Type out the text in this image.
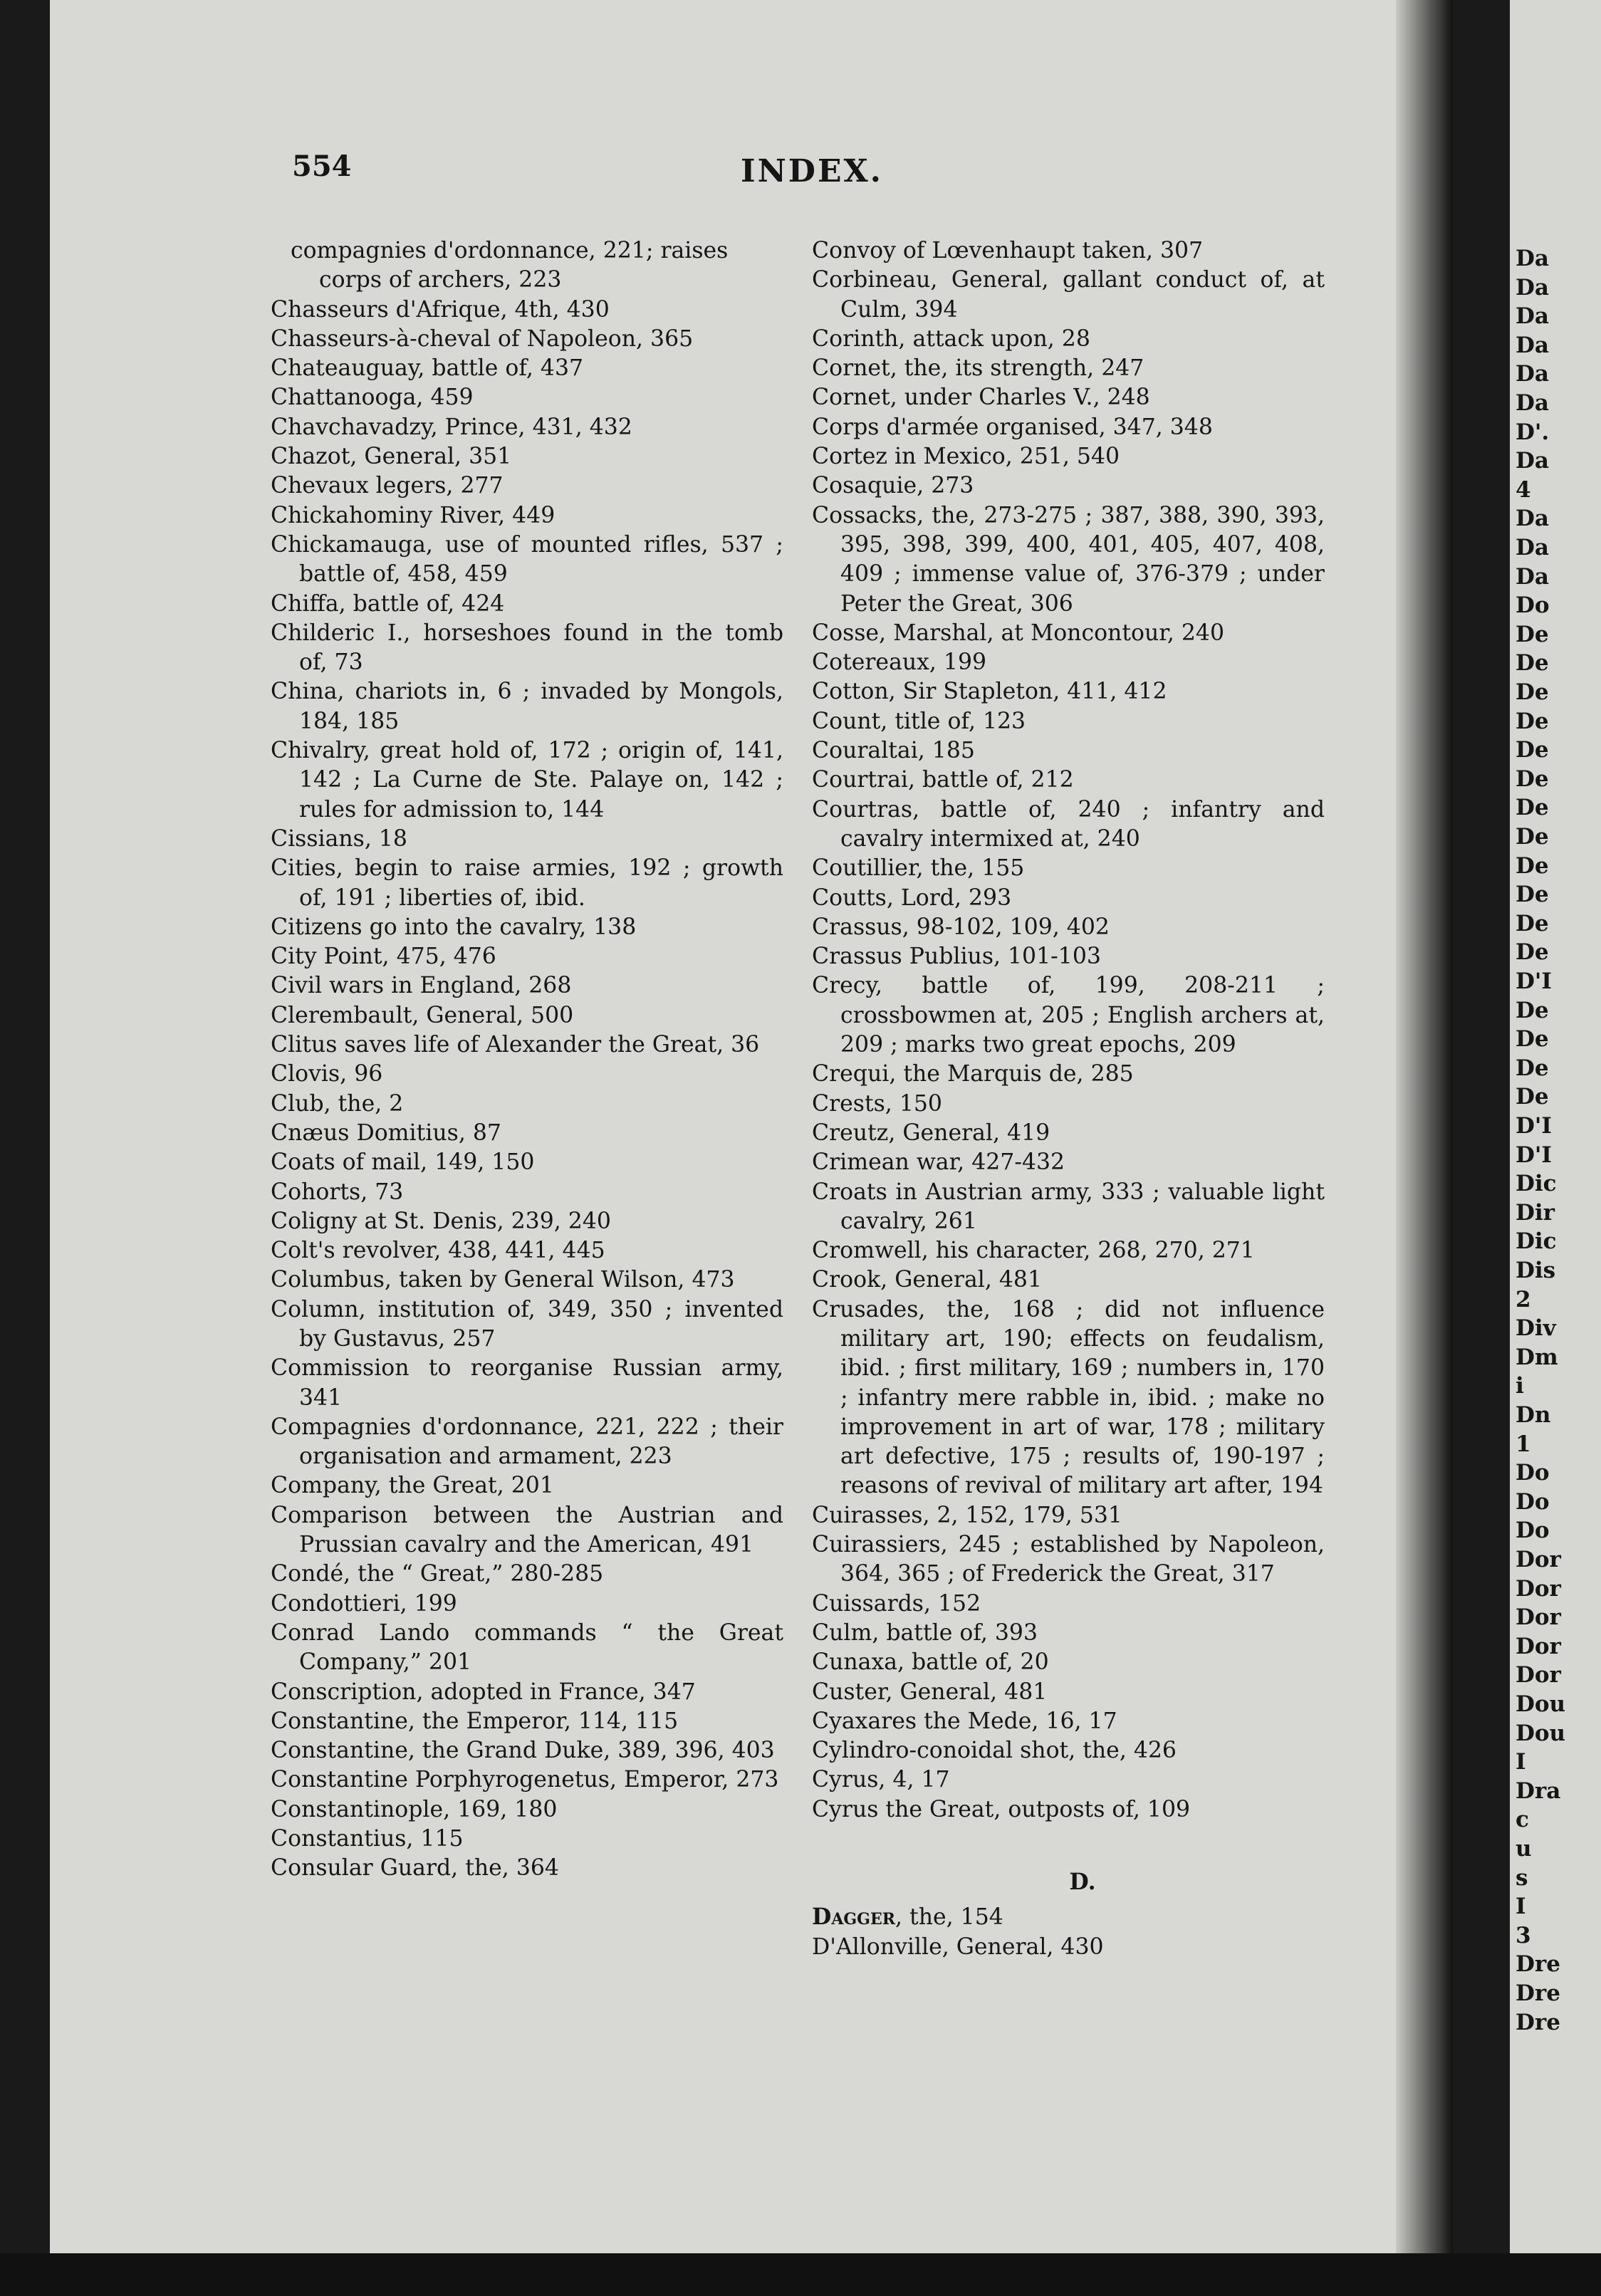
Da
Da
Da
Da
Da
Da
D'.
Da
4
Da
Da
Da
Do
De
De
De
De
De
De
De
De
De
De
De
De
D'I
De
De
De
De
D'I
D'I
Dic
Dir
Dic
Dis
2
Div
Dm
i
Dn
1
Do
Do
Do
Dor
Dor
Dor
Dor
Dor
Dou
Dou
I
Dra
c
u
s
I
3
Dre
Dre
Dre
554	INDEX.

compagnies d'ordonnance, 221; raises corps of archers, 223

Chasseurs d'Afrique, 4th, 430

Chasseurs-à-cheval of Napoleon, 365

Chateauguay, battle of, 437

Chattanooga, 459

Chavchavadzy, Prince, 431, 432

Chazot, General, 351

Chevaux legers, 277

Chickahominy River, 449

Chickamauga, use of mounted rifles, 537 ; battle of, 458, 459

Chiffa, battle of, 424

Childeric I., horseshoes found in the tomb of, 73

China, chariots in, 6 ; invaded by Mongols, 184, 185

Chivalry, great hold of, 172 ; origin of, 141, 142 ; La Curne de Ste. Palaye on, 142 ; rules for admission to, 144

Cissians, 18

Cities, begin to raise armies, 192 ; growth of, 191 ; liberties of, ibid.

Citizens go into the cavalry, 138

City Point, 475, 476

Civil wars in England, 268

Clerembault, General, 500

Clitus saves life of Alexander the Great, 36

Clovis, 96

Club, the, 2

Cnæus Domitius, 87

Coats of mail, 149, 150

Cohorts, 73

Coligny at St. Denis, 239, 240

Colt's revolver, 438, 441, 445

Columbus, taken by General Wilson, 473

Column, institution of, 349, 350 ; invented by Gustavus, 257

Commission to reorganise Russian army, 341

Compagnies d'ordonnance, 221, 222 ; their organisation and armament, 223

Company, the Great, 201

Comparison between the Austrian and Prussian cavalry and the American, 491

Condé, the “ Great,” 280-285

Condottieri, 199

Conrad Lando commands “ the Great Company,” 201

Conscription, adopted in France, 347

Constantine, the Emperor, 114, 115

Constantine, the Grand Duke, 389, 396, 403

Constantine Porphyrogenetus, Emperor, 273

Constantinople, 169, 180

Constantius, 115

Consular Guard, the, 364

Convoy of Lœvenhaupt taken, 307

Corbineau, General, gallant conduct of, at Culm, 394

Corinth, attack upon, 28

Cornet, the, its strength, 247

Cornet, under Charles V., 248

Corps d'armée organised, 347, 348

Cortez in Mexico, 251, 540

Cosaquie, 273

Cossacks, the, 273-275 ; 387, 388, 390, 393, 395, 398, 399, 400, 401, 405, 407, 408, 409 ; immense value of, 376-379 ; under Peter the Great, 306

Cosse, Marshal, at Moncontour, 240

Cotereaux, 199

Cotton, Sir Stapleton, 411, 412

Count, title of, 123

Couraltai, 185

Courtrai, battle of, 212

Courtras, battle of, 240 ; infantry and cavalry intermixed at, 240

Coutillier, the, 155

Coutts, Lord, 293

Crassus, 98-102, 109, 402

Crassus Publius, 101-103

Crecy, battle of, 199, 208-211 ; crossbowmen at, 205 ; English archers at, 209 ; marks two great epochs, 209

Crequi, the Marquis de, 285

Crests, 150

Creutz, General, 419

Crimean war, 427-432

Croats in Austrian army, 333 ; valuable light cavalry, 261

Cromwell, his character, 268, 270, 271

Crook, General, 481

Crusades, the, 168 ; did not influence military art, 190; effects on feudalism, ibid. ; first military, 169 ; numbers in, 170 ; infantry mere rabble in, ibid. ; make no improvement in art of war, 178 ; military art defective, 175 ; results of, 190-197 ; reasons of revival of military art after, 194

Cuirasses, 2, 152, 179, 531

Cuirassiers, 245 ; established by Napoleon, 364, 365 ; of Frederick the Great, 317

Cuissards, 152

Culm, battle of, 393

Cunaxa, battle of, 20

Custer, General, 481

Cyaxares the Mede, 16, 17

Cylindro-conoidal shot, the, 426

Cyrus, 4, 17

Cyrus the Great, outposts of, 109

D.

Dagger, the, 154

D'Allonville, General, 430
